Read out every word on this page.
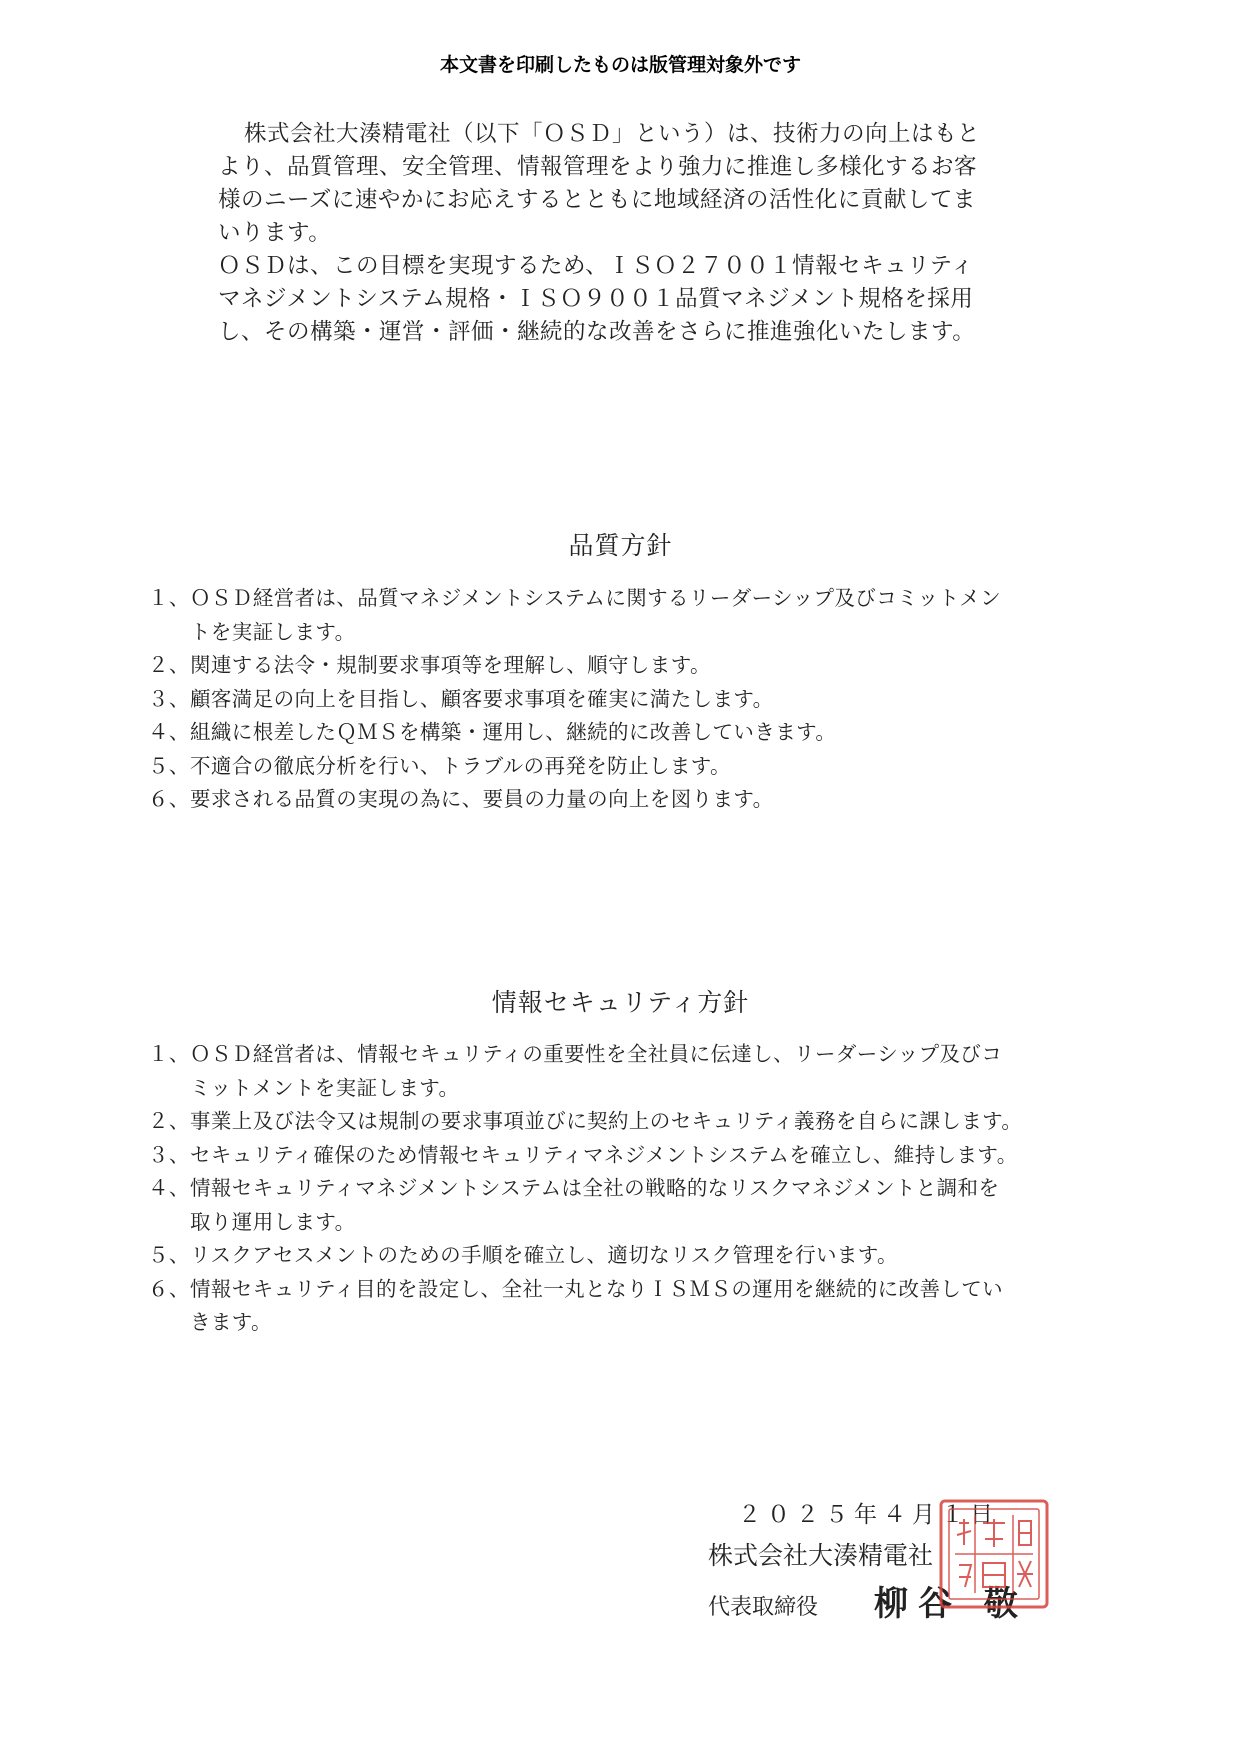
本文書を印刷したものは版管理対象外です

株式会社大湊精電社（以下「ＯＳＤ」という）は、技術力の向上はもと

より、品質管理、安全管理、情報管理をより強力に推進し多様化するお客

様のニーズに速やかにお応えするとともに地域経済の活性化に貢献してま

いります。

ＯＳＤは、この目標を実現するため、ＩＳＯ２７００１情報セキュリティ

マネジメントシステム規格・ＩＳＯ９００１品質マネジメント規格を採用

し、その構築・運営・評価・継続的な改善をさらに推進強化いたします。

品質方針
１、 ＯＳＤ経営者は、品質マネジメントシステムに関するリーダーシップ及びコミットメン
トを実証します。
２、 関連する法令・規制要求事項等を理解し、順守します。
３、 顧客満足の向上を目指し、顧客要求事項を確実に満たします。
４、 組織に根差したＱＭＳを構築・運用し、継続的に改善していきます。
５、 不適合の徹底分析を行い、トラブルの再発を防止します。
６、 要求される品質の実現の為に、要員の力量の向上を図ります。
情報セキュリティ方針
１、 ＯＳＤ経営者は、情報セキュリティの重要性を全社員に伝達し、リーダーシップ及びコ
ミットメントを実証します。
２、 事業上及び法令又は規制の要求事項並びに契約上のセキュリティ義務を自らに課します。
３、 セキュリティ確保のため情報セキュリティマネジメントシステムを確立し、維持します。
４、 情報セキュリティマネジメントシステムは全社の戦略的なリスクマネジメントと調和を
取り運用します。
５、 リスクアセスメントのための手順を確立し、適切なリスク管理を行います。
６、 情報セキュリティ目的を設定し、全社一丸となりＩＳＭＳの運用を継続的に改善してい
きます。
２０２５年４月１日
株式会社大湊精電社
代表取締役 柳谷 敬
